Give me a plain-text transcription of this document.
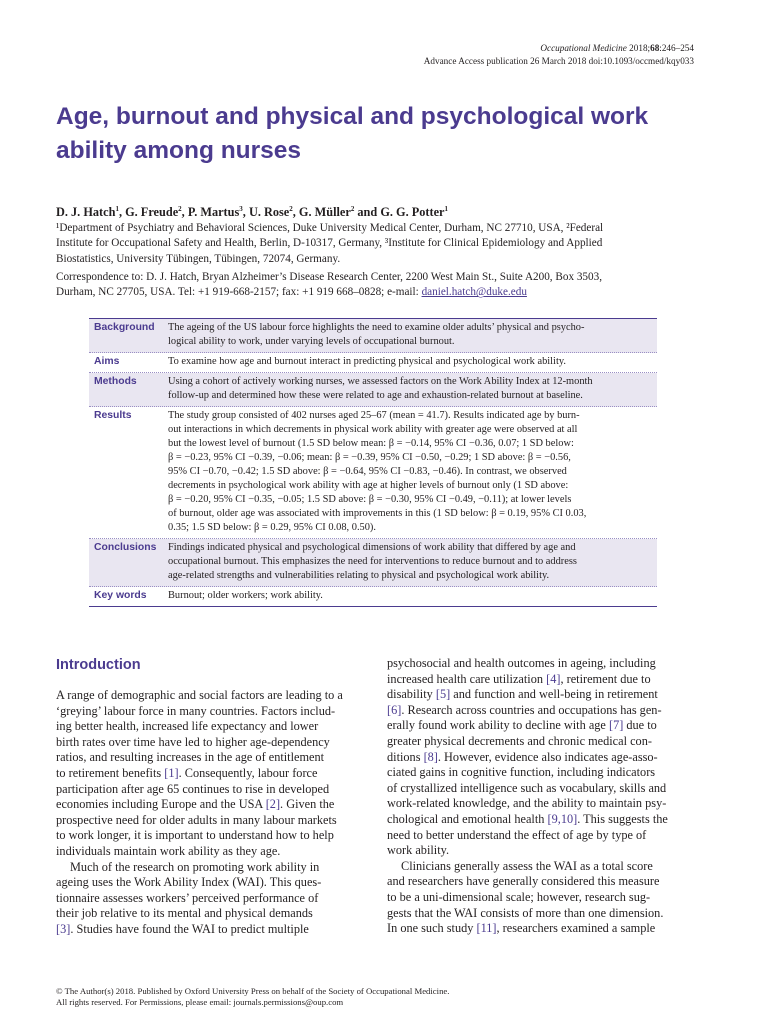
Occupational Medicine 2018;68:246–254
Advance Access publication 26 March 2018 doi:10.1093/occmed/kqy033
Age, burnout and physical and psychological work
ability among nurses
D. J. Hatch$^1$, G. Freude$^2$, P. Martus$^3$, U. Rose$^2$, G. Müller$^2$ and G. G. Potter$^1$

¹Department of Psychiatry and Behavioral Sciences, Duke University Medical Center, Durham, NC 27710, USA, ²Federal

Institute for Occupational Safety and Health, Berlin, D-10317, Germany, ³Institute for Clinical Epidemiology and Applied

Biostatistics, University Tübingen, Tübingen, 72074, Germany.

Correspondence to: D. J. Hatch, Bryan Alzheimer’s Disease Research Center, 2200 West Main St., Suite A200, Box 3503,

Durham, NC 27705, USA. Tel: +1 919-668-2157; fax: +1 919 668–0828; e-mail: daniel.hatch@duke.edu

Background	The ageing of the US labour force highlights the need to examine older adults’ physical and psycho-

logical ability to work, under varying levels of occupational burnout.

Aims	To examine how age and burnout interact in predicting physical and psychological work ability.

Methods	Using a cohort of actively working nurses, we assessed factors on the Work Ability Index at 12-month

follow-up and determined how these were related to age and exhaustion-related burnout at baseline.

Results	The study group consisted of 402 nurses aged 25–67 (mean = 41.7). Results indicated age by burn-

out interactions in which decrements in physical work ability with greater age were observed at all

but the lowest level of burnout (1.5 SD below mean: β = −0.14, 95% CI −0.36, 0.07; 1 SD below:

β = −0.23, 95% CI −0.39, −0.06; mean: β = −0.39, 95% CI −0.50, −0.29; 1 SD above: β = −0.56,

95% CI −0.70, −0.42; 1.5 SD above: β = −0.64, 95% CI −0.83, −0.46). In contrast, we observed

decrements in psychological work ability with age at higher levels of burnout only (1 SD above:

β = −0.20, 95% CI −0.35, −0.05; 1.5 SD above: β = −0.30, 95% CI −0.49, −0.11); at lower levels

of burnout, older age was associated with improvements in this (1 SD below: β = 0.19, 95% CI 0.03,

0.35; 1.5 SD below: β = 0.29, 95% CI 0.08, 0.50).

Conclusions	Findings indicated physical and psychological dimensions of work ability that differed by age and

occupational burnout. This emphasizes the need for interventions to reduce burnout and to address

age-related strengths and vulnerabilities relating to physical and psychological work ability.

Key words	Burnout; older workers; work ability.

Introduction

A range of demographic and social factors are leading to a

‘greying’ labour force in many countries. Factors includ-

ing better health, increased life expectancy and lower

birth rates over time have led to higher age-dependency

ratios, and resulting increases in the age of entitlement

to retirement benefits [1]. Consequently, labour force

participation after age 65 continues to rise in developed

economies including Europe and the USA [2]. Given the

prospective need for older adults in many labour markets

to work longer, it is important to understand how to help

individuals maintain work ability as they age.

Much of the research on promoting work ability in

ageing uses the Work Ability Index (WAI). This ques-

tionnaire assesses workers’ perceived performance of

their job relative to its mental and physical demands

[3]. Studies have found the WAI to predict multiple

psychosocial and health outcomes in ageing, including

increased health care utilization [4], retirement due to

disability [5] and function and well-being in retirement

[6]. Research across countries and occupations has gen-

erally found work ability to decline with age [7] due to

greater physical decrements and chronic medical con-

ditions [8]. However, evidence also indicates age-asso-

ciated gains in cognitive function, including indicators

of crystallized intelligence such as vocabulary, skills and

work-related knowledge, and the ability to maintain psy-

chological and emotional health [9,10]. This suggests the

need to better understand the effect of age by type of

work ability.

Clinicians generally assess the WAI as a total score

and researchers have generally considered this measure

to be a uni-dimensional scale; however, research sug-

gests that the WAI consists of more than one dimension.

In one such study [11], researchers examined a sample

© The Author(s) 2018. Published by Oxford University Press on behalf of the Society of Occupational Medicine.

All rights reserved. For Permissions, please email: journals.permissions@oup.com
